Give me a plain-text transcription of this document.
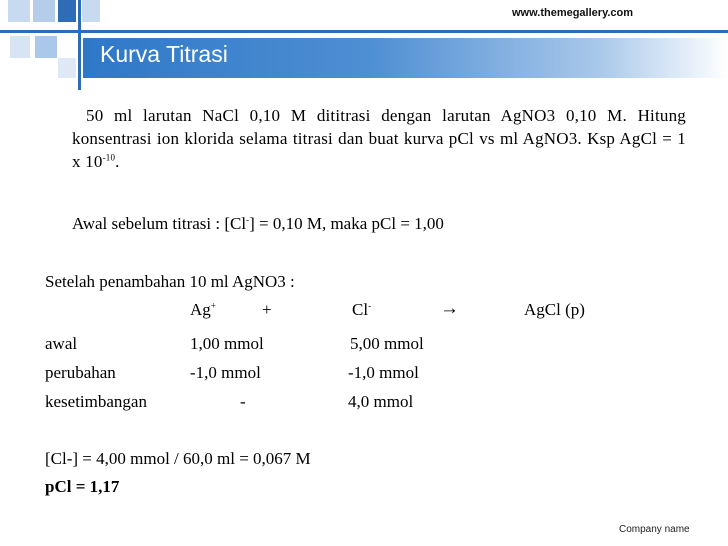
www.themegallery.com
Kurva Titrasi
50 ml larutan NaCl 0,10 M dititrasi dengan larutan AgNO3 0,10 M. Hitung konsentrasi ion klorida selama titrasi dan buat kurva pCl vs ml AgNO3. Ksp AgCl = 1 x $10^{-10}$.
Awal sebelum titrasi : [Cl-] = 0,10 M, maka pCl = 1,00
Setelah penambahan 10 ml AgNO3 :
Ag+	+	Cl-	→	AgCl (p)
awal	1,00 mmol	5,00 mmol
perubahan	-1,0 mmol	-1,0 mmol
kesetimbangan	-	4,0 mmol
[Cl-] = 4,00 mmol / 60,0 ml = 0,067 M
pCl = 1,17
Company name
